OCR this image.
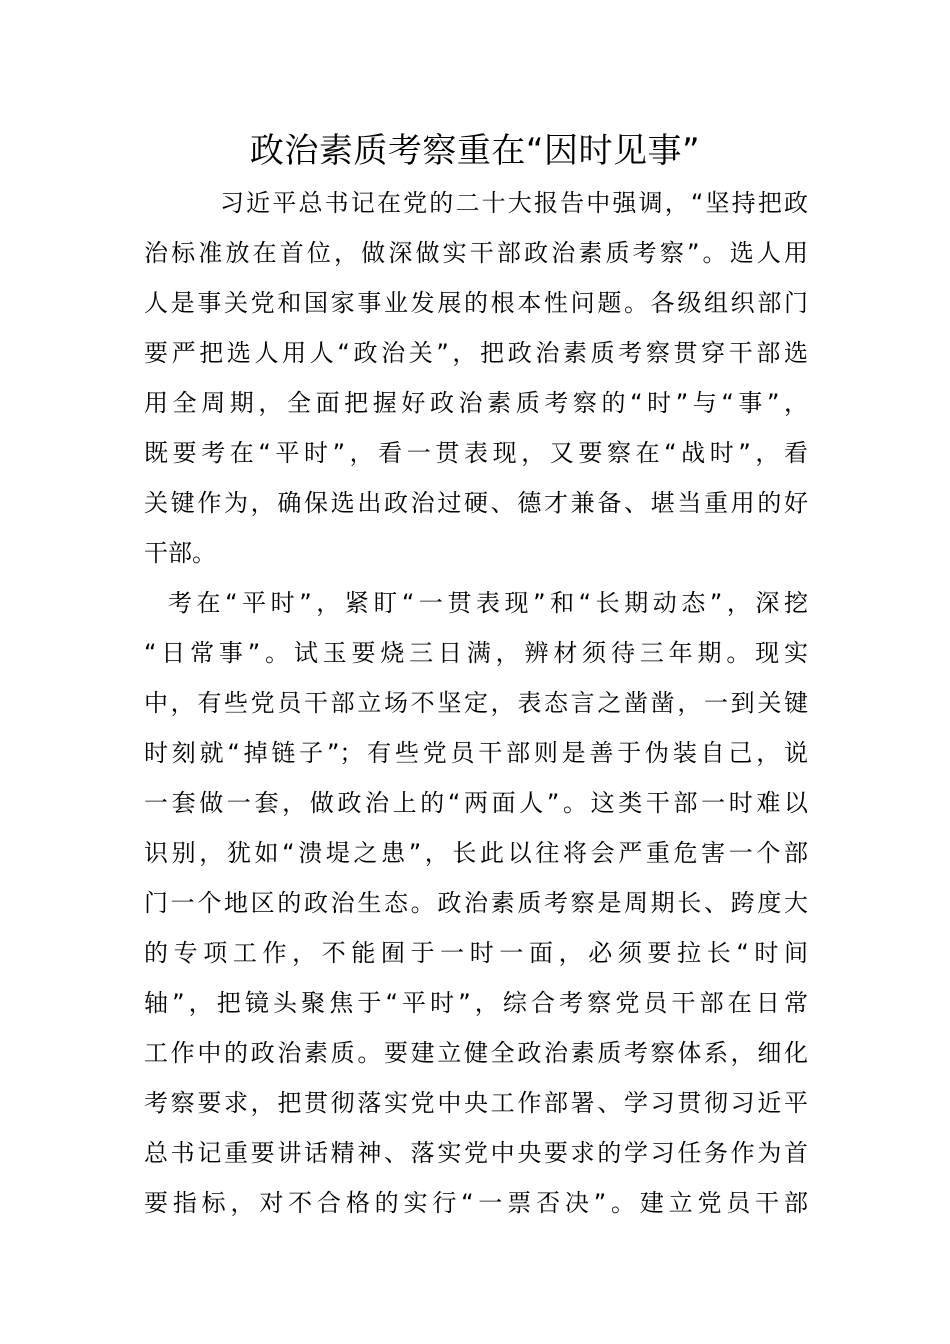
政治素质考察重在“因时见事”

习近平总书记在党的二十大报告中强调，“坚持把政
治标准放在首位，做深做实干部政治素质考察”。选人用
人是事关党和国家事业发展的根本性问题。各级组织部门
要严把选人用人“政治关”，把政治素质考察贯穿干部选
用全周期，全面把握好政治素质考察的“时”与“事”，
既要考在“平时”，看一贯表现，又要察在“战时”，看
关键作为，确保选出政治过硬、德才兼备、堪当重用的好
干部。

考在“平时”，紧盯“一贯表现”和“长期动态”，深挖
“日常事”。试玉要烧三日满，辨材须待三年期。现实
中，有些党员干部立场不坚定，表态言之凿凿，一到关键
时刻就“掉链子”；有些党员干部则是善于伪装自己，说
一套做一套，做政治上的“两面人”。这类干部一时难以
识别，犹如“溃堤之患”，长此以往将会严重危害一个部
门一个地区的政治生态。政治素质考察是周期长、跨度大
的专项工作，不能囿于一时一面，必须要拉长“时间
轴”，把镜头聚焦于“平时”，综合考察党员干部在日常
工作中的政治素质。要建立健全政治素质考察体系，细化
考察要求，把贯彻落实党中央工作部署、学习贯彻习近平
总书记重要讲话精神、落实党中央要求的学习任务作为首
要指标，对不合格的实行“一票否决”。建立党员干部
